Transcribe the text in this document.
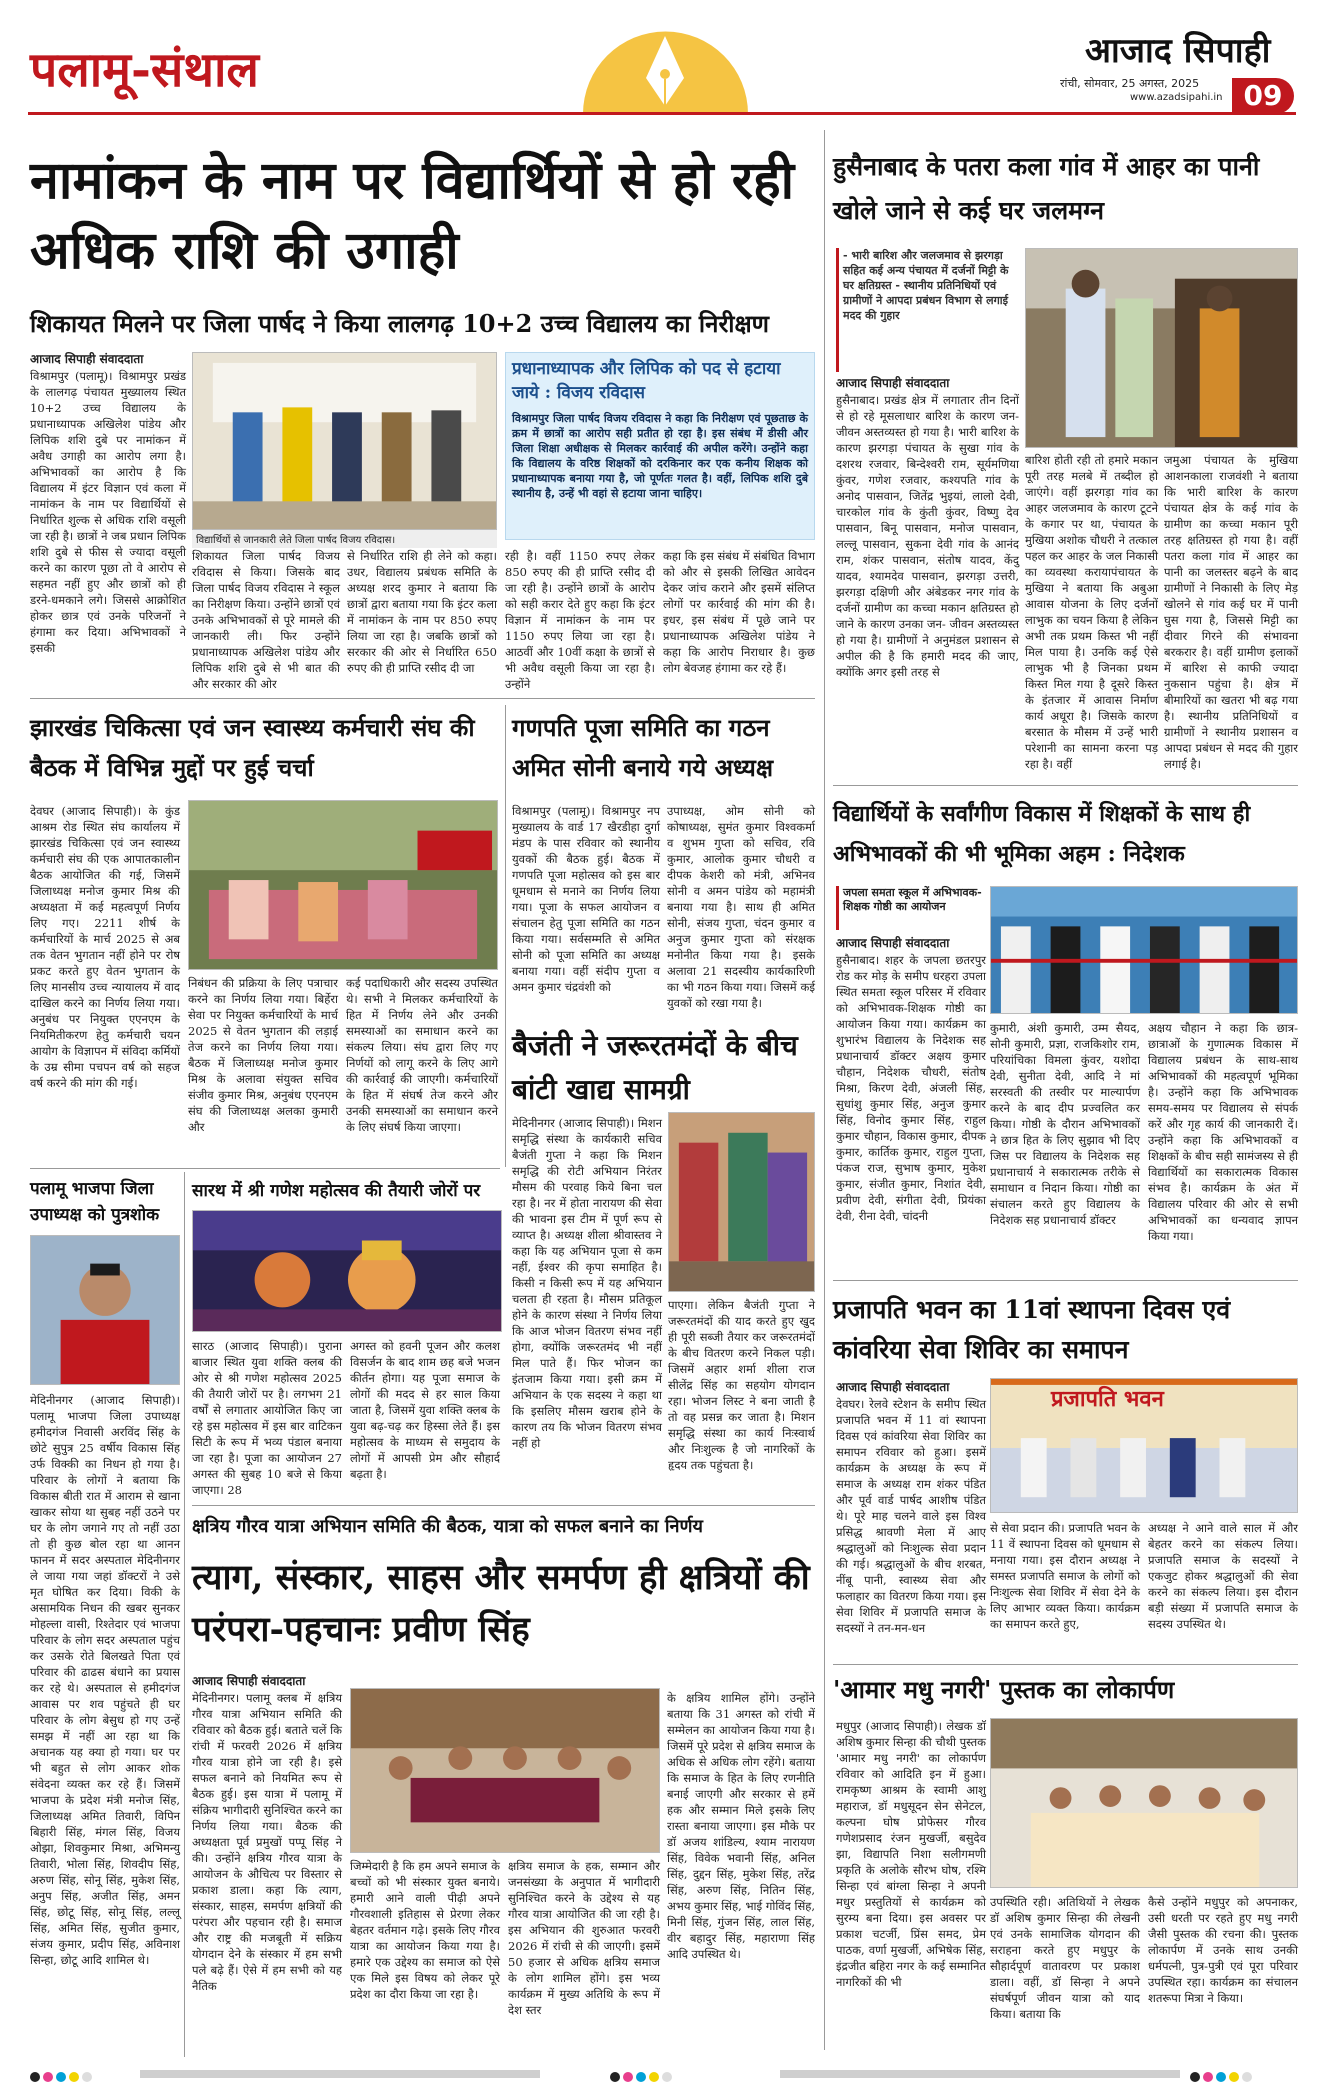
पलामू-संथाल	आजाद सिपाही
रांची, सोमवार, 25 अगस्त, 2025
www.azadsipahi.in 09
नामांकन के नाम पर विद्यार्थियों से हो रही अधिक राशि की उगाही
शिकायत मिलने पर जिला पार्षद ने किया लालगढ़ 10+2 उच्च विद्यालय का निरीक्षण
आजाद सिपाही संवाददाता
विश्रामपुर (पलामू)। विश्रामपुर प्रखंड के लालगढ़ पंचायत मुख्यालय स्थित 10+2 उच्च विद्यालय के प्रधानाध्यापक अखिलेश पांडेय और लिपिक शशि दुबे पर नामांकन में अवैध उगाही का आरोप लगा है। अभिभावकों का आरोप है कि विद्यालय में इंटर विज्ञान एवं कला में नामांकन के नाम पर विद्यार्थियों से निर्धारित शुल्क से अधिक राशि वसूली जा रही है। छात्रों ने जब प्रधान लिपिक शशि दुबे से फीस से ज्यादा वसूली करने का कारण पूछा तो वे आरोप से सहमत नहीं हुए और छात्रों को ही डरने-धमकाने लगे। जिससे आक्रोशित होकर छात्र एवं उनके परिजनों ने हंगामा कर दिया। अभिभावकों ने इसकी
विद्यार्थियों से जानकारी लेते जिला पार्षद विजय रविदास।
शिकायत जिला पार्षद विजय रविदास से किया। जिसके बाद जिला पार्षद विजय रविदास ने स्कूल का निरीक्षण किया। उन्होंने छात्रों एवं उनके अभिभावकों से पूरे मामले की जानकारी ली। फिर उन्होंने प्रधानाध्यापक अखिलेश पांडेय और लिपिक शशि दुबे से भी बात की और सरकार की ओर
से निर्धारित राशि ही लेने को कहा। उधर, विद्यालय प्रबंधक समिति के अध्यक्ष शरद कुमार ने बताया कि छात्रों द्वारा बताया गया कि इंटर कला में नामांकन के नाम पर 850 रुपए लिया जा रहा है। जबकि छात्रों को सरकार की ओर से निर्धारित 650 रुपए की ही प्राप्ति रसीद दी जा
प्रधानाध्यापक और लिपिक को पद से हटाया जाये : विजय रविदास
विश्रामपुर जिला पार्षद विजय रविदास ने कहा कि निरीक्षण एवं पूछताछ के क्रम में छात्रों का आरोप सही प्रतीत हो रहा है। इस संबंध में डीसी और जिला शिक्षा अधीक्षक से मिलकर कार्रवाई की अपील करेंगे। उन्होंने कहा कि विद्यालय के वरिष्ठ शिक्षकों को दरकिनार कर एक कनीय शिक्षक को प्रधानाध्यापक बनाया गया है, जो पूर्णतः गलत है। वहीं, लिपिक शशि दुबे स्थानीय है, उन्हें भी वहां से हटाया जाना चाहिए।
रही है। वहीं 1150 रुपए लेकर 850 रुपए की ही प्राप्ति रसीद दी जा रही है। उन्होंने छात्रों के आरोप को सही करार देते हुए कहा कि इंटर विज्ञान में नामांकन के नाम पर 1150 रुपए लिया जा रहा है। आठवीं और 10वीं कक्षा के छात्रों से भी अवैध वसूली किया जा रहा है। उन्होंने
कहा कि इस संबंध में संबंधित विभाग को और से इसकी लिखित आवेदन देकर जांच कराने और इसमें संलिप्त लोगों पर कार्रवाई की मांग की है। इधर, इस संबंध में पूछे जाने पर प्रधानाध्यापक अखिलेश पांडेय ने कहा कि आरोप निराधार है। कुछ लोग बेवजह हंगामा कर रहे हैं।
हुसैनाबाद के पतरा कला गांव में आहर का पानी खोले जाने से कई घर जलमग्न
- भारी बारिश और जलजमाव से झरगड़ा सहित कई अन्य पंचायत में दर्जनों मिट्टी के घर क्षतिग्रस्त - स्थानीय प्रतिनिधियों एवं ग्रामीणों ने आपदा प्रबंधन विभाग से लगाई मदद की गुहार
आजाद सिपाही संवाददाता
हुसैनाबाद। प्रखंड क्षेत्र में लगातार तीन दिनों से हो रहे मूसलाधार बारिश के कारण जन- जीवन अस्तव्यस्त हो गया है। भारी बारिश के कारण झरगड़ा पंचायत के सुखा गांव के दशरथ रजवार, बिन्देश्वरी राम, सूर्यमणिया कुंवर, गणेश रजवार, कश्यपति गांव के अनोद पासवान, जितेंद्र भुइयां, लालो देवी, चारकोल गांव के कुंती कुंवर, विष्णु देव पासवान, बिनू पासवान, मनोज पासवान, लल्लू पासवान, सुकना देवी गांव के आनंद राम, शंकर पासवान, संतोष यादव, केंदु यादव, श्यामदेव पासवान, झरगड़ा उत्तरी, झरगड़ा दक्षिणी और अंबेडकर नगर गांव के दर्जनों ग्रामीण का कच्चा मकान क्षतिग्रस्त हो जाने के कारण उनका जन- जीवन अस्तव्यस्त हो गया है। ग्रामीणों ने अनुमंडल प्रशासन से अपील की है कि हमारी मदद की जाए, क्योंकि अगर इसी तरह से
बारिश होती रही तो हमारे मकान पूरी तरह मलबे में तब्दील हो जाएंगे। वहीं झरगड़ा गांव का आहर जलजमाव के कारण टूटने के कगार पर था, पंचायत के मुखिया अशोक चौधरी ने तत्काल पहल कर आहर के जल निकासी का व्यवस्था करायापंचायत के मुखिया ने बताया कि अबुआ आवास योजना के लिए दर्जनों लाभुक का चयन किया है लेकिन अभी तक प्रथम किस्त भी नहीं मिल पाया है। उनकि कई ऐसे लाभुक भी है जिनका प्रथम किस्त मिल गया है दूसरे किस्त के इंतजार में आवास निर्माण कार्य अधूरा है। जिसके कारण बरसात के मौसम में उन्हें भारी परेशानी का सामना करना पड़ रहा है। वहीं
जमुआ पंचायत के मुखिया आशनकाला राजवंशी ने बताया कि भारी बारिश के कारण पंचायत क्षेत्र के कई गांव के ग्रामीण का कच्चा मकान पूरी तरह क्षतिग्रस्त हो गया है। वहीं पतरा कला गांव में आहर का पानी का जलस्तर बढ़ने के बाद ग्रामीणों ने निकासी के लिए मेड़ खोलने से गांव कई घर में पानी घुस गया है, जिससे मिट्टी का दीवार गिरने की संभावना बरकरार है। वहीं ग्रामीण इलाकों में बारिश से काफी ज्यादा नुकसान पहुंचा है। क्षेत्र में बीमारियों का खतरा भी बढ़ गया है। स्थानीय प्रतिनिधियों व ग्रामीणों ने स्थानीय प्रशासन व आपदा प्रबंधन से मदद की गुहार लगाई है।
झारखंड चिकित्सा एवं जन स्वास्थ्य कर्मचारी संघ की बैठक में विभिन्न मुद्दों पर हुई चर्चा
देवघर (आजाद सिपाही)। के कुंड आश्रम रोड स्थित संघ कार्यालय में झारखंड चिकित्सा एवं जन स्वास्थ्य कर्मचारी संघ की एक आपातकालीन बैठक आयोजित की गई, जिसमें जिलाध्यक्ष मनोज कुमार मिश्र की अध्यक्षता में कई महत्वपूर्ण निर्णय लिए गए। 2211 शीर्ष के कर्मचारियों के मार्च 2025 से अब तक वेतन भुगतान नहीं होने पर रोष प्रकट करते हुए वेतन भुगतान के लिए मानसीय उच्च न्यायालय में वाद दाखिल करने का निर्णय लिया गया। अनुबंध पर नियुक्त एएनएम के नियमितीकरण हेतु कर्मचारी चयन आयोग के विज्ञापन में संविदा कर्मियों के उम्र सीमा पचपन वर्ष को सहज वर्ष करने की मांग की गई।
निबंधन की प्रक्रिया के लिए पत्राचार करने का निर्णय लिया गया। बिर्हेरा सेवा पर नियुक्त कर्मचारियों के मार्च 2025 से वेतन भुगतान की लड़ाई तेज करने का निर्णय लिया गया। बैठक में जिलाध्यक्ष मनोज कुमार मिश्र के अलावा संयुक्त सचिव संजीव कुमार मिश्र, अनुबंध एएनएम संघ की जिलाध्यक्ष अलका कुमारी और
कई पदाधिकारी और सदस्य उपस्थित थे। सभी ने मिलकर कर्मचारियों के हित में निर्णय लेने और उनकी समस्याओं का समाधान करने का संकल्प लिया। संघ द्वारा लिए गए निर्णयों को लागू करने के लिए आगे की कार्रवाई की जाएगी। कर्मचारियों के हित में संघर्ष तेज करने और उनकी समस्याओं का समाधान करने के लिए संघर्ष किया जाएगा।
गणपति पूजा समिति का गठन अमित सोनी बनाये गये अध्यक्ष
विश्रामपुर (पलामू)। विश्रामपुर नप मुख्यालय के वार्ड 17 खैरडीहा दुर्गा मंडप के पास रविवार को स्थानीय युवकों की बैठक हुई। बैठक में गणपति पूजा महोत्सव को इस बार धूमधाम से मनाने का निर्णय लिया गया। पूजा के सफल आयोजन व संचालन हेतु पूजा समिति का गठन किया गया। सर्वसम्मति से अमित सोनी को पूजा समिति का अध्यक्ष बनाया गया। वहीं संदीप गुप्ता व अमन कुमार चंद्रवंशी को
उपाध्यक्ष, ओम सोनी को कोषाध्यक्ष, सुमंत कुमार विश्वकर्मा व शुभम गुप्ता को सचिव, रवि कुमार, आलोक कुमार चौधरी व दीपक केशरी को मंत्री, अभिनव सोनी व अमन पांडेय को महामंत्री बनाया गया है। साथ ही अमित सोनी, संजय गुप्ता, चंदन कुमार व अनुज कुमार गुप्ता को संरक्षक मनोनीत किया गया है। इसके अलावा 21 सदस्यीय कार्यकारिणी का भी गठन किया गया। जिसमें कई युवकों को रखा गया है।
बैजंती ने जरूरतमंदों के बीच बांटी खाद्य सामग्री
मेदिनीनगर (आजाद सिपाही)। मिशन समृद्धि संस्था के कार्यकारी सचिव बैजंती गुप्ता ने कहा कि मिशन समृद्धि की रोटी अभियान निरंतर मौसम की परवाह किये बिना चल रहा है। नर में होता नारायण की सेवा की भावना इस टीम में पूर्ण रूप से व्याप्त है। अध्यक्ष शीला श्रीवास्तव ने कहा कि यह अभियान पूजा से कम नहीं, ईश्वर की कृपा समाहित है। किसी न किसी रूप में यह अभियान चलता ही रहता है। मौसम प्रतिकूल होने के कारण संस्था ने निर्णय लिया कि आज भोजन वितरण संभव नहीं होगा, क्योंकि जरूरतमंद भी नहीं मिल पाते हैं। फिर भोजन का इंतजाम किया गया। इसी क्रम में अभियान के एक सदस्य ने कहा था कि इसलिए मौसम खराब होने के कारण तय कि भोजन वितरण संभव नहीं हो
पाएगा। लेकिन बैजंती गुप्ता ने जरूरतमंदों की याद करते हुए खुद ही पूरी सब्जी तैयार कर जरूरतमंदों के बीच वितरण करने निकल पड़ी। जिसमें अहार शर्मा शीला राज सीलेंद्र सिंह का सहयोग योगदान रहा। भोजन लिस्ट ने बना जाती है तो वह प्रसन्न कर जाता है। मिशन समृद्धि संस्था का कार्य निःस्वार्थ और निःशुल्क है जो नागरिकों के हृदय तक पहुंचता है।
पलामू भाजपा जिला उपाध्यक्ष को पुत्रशोक
मेदिनीनगर (आजाद सिपाही)। पलामू भाजपा जिला उपाध्यक्ष हमीदगंज निवासी अरविंद सिंह के छोटे सुपुत्र 25 वर्षीय विकास सिंह उर्फ विक्की का निधन हो गया है। परिवार के लोगों ने बताया कि विकास बीती रात में आराम से खाना खाकर सोया था सुबह नहीं उठने पर घर के लोग जगाने गए तो नहीं उठा तो ही कुछ बोल रहा था आनन फानन में सदर अस्पताल मेदिनीनगर ले जाया गया जहां डॉक्टरों ने उसे मृत घोषित कर दिया। विकी के असामयिक निधन की खबर सुनकर मोहल्ला वासी, रिश्तेदार एवं भाजपा परिवार के लोग सदर अस्पताल पहुंच कर उसके रोते बिलखते पिता एवं परिवार की ढाढस बंधाने का प्रयास कर रहे थे। अस्पताल से हमीदगंज आवास पर शव पहुंचते ही घर परिवार के लोग बेसुध हो गए उन्हें समझ में नहीं आ रहा था कि अचानक यह क्या हो गया। घर पर भी बहुत से लोग आकर शोक संवेदना व्यक्त कर रहे हैं। जिसमें भाजपा के प्रदेश मंत्री मनोज सिंह, जिलाध्यक्ष अमित तिवारी, विपिन बिहारी सिंह, मंगल सिंह, विजय ओझा, शिवकुमार मिश्रा, अभिमन्यु तिवारी, भोला सिंह, शिवदीप सिंह, अरुण सिंह, सोनू सिंह, मुकेश सिंह, अनुप सिंह, अजीत सिंह, अमन सिंह, छोटू सिंह, सोनू सिंह, लल्लू सिंह, अमित सिंह, सुजीत कुमार, संजय कुमार, प्रदीप सिंह, अविनाश सिन्हा, छोटू आदि शामिल थे।
सारथ में श्री गणेश महोत्सव की तैयारी जोरों पर
सारठ (आजाद सिपाही)। पुराना बाजार स्थित युवा शक्ति क्लब की ओर से श्री गणेश महोत्सव 2025 की तैयारी जोरों पर है। लगभग 21 वर्षों से लगातार आयोजित किए जा रहे इस महोत्सव में इस बार वाटिकन सिटी के रूप में भव्य पंडाल बनाया जा रहा है। पूजा का आयोजन 27 अगस्त की सुबह 10 बजे से किया जाएगा। 28
अगस्त को हवनी पूजन और कलश विसर्जन के बाद शाम छह बजे भजन कीर्तन होगा। यह पूजा समाज के लोगों की मदद से हर साल किया जाता है, जिसमें युवा शक्ति क्लब के युवा बढ़-चढ़ कर हिस्सा लेते हैं। इस महोत्सव के माध्यम से समुदाय के लोगों में आपसी प्रेम और सौहार्द बढ़ता है।
क्षत्रिय गौरव यात्रा अभियान समिति की बैठक, यात्रा को सफल बनाने का निर्णय
त्याग, संस्कार, साहस और समर्पण ही क्षत्रियों की परंपरा-पहचानः प्रवीण सिंह
आजाद सिपाही संवाददाता
मेदिनीनगर। पलामू क्लब में क्षत्रिय गौरव यात्रा अभियान समिति की रविवार को बैठक हुई। बताते चलें कि रांची में फरवरी 2026 में क्षत्रिय गौरव यात्रा होने जा रही है। इसे सफल बनाने को नियमित रूप से बैठक हुई। इस यात्रा में पलामू में संक्रिय भागीदारी सुनिश्चित करने का निर्णय लिया गया। बैठक की अध्यक्षता पूर्व प्रमुखों पप्पू सिंह ने की। उन्होंने क्षत्रिय गौरव यात्रा के आयोजन के औचित्य पर विस्तार से प्रकाश डाला। कहा कि त्याग, संस्कार, साहस, समर्पण क्षत्रियों की परंपरा और पहचान रही है। समाज और राष्ट्र की मजबूती में सक्रिय योगदान देने के संस्कार में हम सभी पले बढ़े हैं। ऐसे में हम सभी को यह नैतिक
जिम्मेदारी है कि हम अपने समाज के बच्चों को भी संस्कार युक्त बनाये। हमारी आने वाली पीढ़ी अपने गौरवशाली इतिहास से प्रेरणा लेकर बेहतर वर्तमान गढ़े। इसके लिए गौरव यात्रा का आयोजन किया गया है। हमारे एक उद्देश्य का समाज को ऐसे एक मिले इस विषय को लेकर पूरे प्रदेश का दौरा किया जा रहा है।
क्षत्रिय समाज के हक, सम्मान और जनसंख्या के अनुपात में भागीदारी सुनिश्चित करने के उद्देश्य से यह गौरव यात्रा आयोजित की जा रही है। इस अभियान की शुरुआत फरवरी 2026 में रांची से की जाएगी। इसमें 50 हजार से अधिक क्षत्रिय समाज के लोग शामिल होंगे। इस भव्य कार्यक्रम में मुख्य अतिथि के रूप में देश स्तर
के क्षत्रिय शामिल होंगे। उन्होंने बताया कि 31 अगस्त को रांची में सम्मेलन का आयोजन किया गया है। जिसमें पूरे प्रदेश से क्षत्रिय समाज के अधिक से अधिक लोग रहेंगे। बताया कि समाज के हित के लिए रणनीति बनाई जाएगी और सरकार से हमें हक और सम्मान मिले इसके लिए रास्ता बनाया जाएगा। इस मौके पर डॉ अजय शांडिल्य, श्याम नारायण सिंह, विवेक भवानी सिंह, अनिल सिंह, दुद्दन सिंह, मुकेश सिंह, तरेंद्र सिंह, अरुण सिंह, नितिन सिंह, अभय कुमार सिंह, भाई गोविंद सिंह, मिनी सिंह, गुंजन सिंह, लाल सिंह, वीर बहादुर सिंह, महाराणा सिंह आदि उपस्थित थे।
विद्यार्थियों के सर्वांगीण विकास में शिक्षकों के साथ ही अभिभावकों की भी भूमिका अहम : निदेशक
जपला समता स्कूल में अभिभावक-शिक्षक गोष्ठी का आयोजन
आजाद सिपाही संवाददाता
हुसैनाबाद। शहर के जपला छतरपुर रोड कर मोड़ के समीप धरहरा उपला स्थित समता स्कूल परिसर में रविवार को अभिभावक-शिक्षक गोष्ठी का आयोजन किया गया। कार्यक्रम का शुभारंभ विद्यालय के निदेशक सह प्रधानाचार्य डॉक्टर अक्षय कुमार चौहान, निदेशक चौधरी, संतोष मिश्रा, किरण देवी, अंजली सिंह, सुधांशु कुमार सिंह, अनुज कुमार सिंह, विनोद कुमार सिंह, राहुल कुमार चौहान, विकास कुमार, दीपक कुमार, कार्तिक कुमार, राहुल गुप्ता, पंकज राज, सुभाष कुमार, मुकेश कुमार, संजीत कुमार, निशांत देवी, प्रवीण देवी, संगीता देवी, प्रियंका देवी, रीना देवी, चांदनी
कुमारी, अंशी कुमारी, उम्म सैयद, सोनी कुमारी, प्रज्ञा, राजकिशोर राम, परियांचिका विमला कुंवर, यशोदा देवी, सुनीता देवी, आदि ने मां सरस्वती की तस्वीर पर माल्यार्पण करने के बाद दीप प्रज्वलित कर किया। गोष्ठी के दौरान अभिभावकों ने छात्र हित के लिए सुझाव भी दिए जिस पर विद्यालय के निदेशक सह प्रधानाचार्य ने सकारात्मक तरीके से समाधान व निदान किया। गोष्ठी का संचालन करते हुए विद्यालय के निदेशक सह प्रधानाचार्य डॉक्टर
अक्षय चौहान ने कहा कि छात्र-छात्राओं के गुणात्मक विकास में विद्यालय प्रबंधन के साथ-साथ अभिभावकों की महत्वपूर्ण भूमिका है। उन्होंने कहा कि अभिभावक समय-समय पर विद्यालय से संपर्क करें और गृह कार्य की जानकारी दें। उन्होंने कहा कि अभिभावकों व शिक्षकों के बीच सही सामंजस्य से ही विद्यार्थियों का सकारात्मक विकास संभव है। कार्यक्रम के अंत में विद्यालय परिवार की ओर से सभी अभिभावकों का धन्यवाद ज्ञापन किया गया।
प्रजापति भवन का 11वां स्थापना दिवस एवं कांवरिया सेवा शिविर का समापन
आजाद सिपाही संवाददाता
देवघर। रेलवे स्टेशन के समीप स्थित प्रजापति भवन में 11 वां स्थापना दिवस एवं कांवरिया सेवा शिविर का समापन रविवार को हुआ। इसमें कार्यक्रम के अध्यक्ष के रूप में समाज के अध्यक्ष राम शंकर पंडित और पूर्व वार्ड पार्षद आशीष पंडित थे। पूरे माह चलने वाले इस विश्व प्रसिद्ध श्रावणी मेला में आए श्रद्धालुओं को निःशुल्क सेवा प्रदान की गई। श्रद्धालुओं के बीच शरबत, नींबू पानी, स्वास्थ्य सेवा और फलाहार का वितरण किया गया। इस सेवा शिविर में प्रजापति समाज के सदस्यों ने तन-मन-धन
प्रजापति भवन
से सेवा प्रदान की। प्रजापति भवन के 11 वें स्थापना दिवस को धूमधाम से मनाया गया। इस दौरान अध्यक्ष ने समस्त प्रजापति समाज के लोगों को निःशुल्क सेवा शिविर में सेवा देने के लिए आभार व्यक्त किया। कार्यक्रम का समापन करते हुए,
अध्यक्ष ने आने वाले साल में और बेहतर करने का संकल्प लिया। प्रजापति समाज के सदस्यों ने एकजुट होकर श्रद्धालुओं की सेवा करने का संकल्प लिया। इस दौरान बड़ी संख्या में प्रजापति समाज के सदस्य उपस्थित थे।
'आमार मधु नगरी' पुस्तक का लोकार्पण
मधुपुर (आजाद सिपाही)। लेखक डॉ अशिष कुमार सिन्हा की चौथी पुस्तक 'आमार मधु नगरी' का लोकार्पण रविवार को आदिति इन में हुआ। रामकृष्ण आश्रम के स्वामी आशु महाराज, डॉ मधुसूदन सेन सेनेटल, कल्पना घोष प्रोफेसर गौरव गणेशप्रसाद रंजन मुखर्जी, बसुदेव झा, विद्यापति निशा सलीगमणी प्रकृति के अलोके सौरभ घोष, रश्मि सिन्हा एवं बांग्ला सिन्हा ने अपनी मधुर प्रस्तुतियों से कार्यक्रम को सुरम्य बना दिया। इस अवसर पर प्रकाश चटर्जी, प्रिंस समद, प्रेम पाठक, वर्णा मुखर्जी, अभिषेक सिंह, इंद्रजीत बहिरा नगर के कई सम्मानित नागरिकों की भी
उपस्थिति रही। अतिथियों ने लेखक डॉ अशिष कुमार सिन्हा की लेखनी एवं उनके सामाजिक योगदान की सराहना करते हुए मधुपुर के सौहार्दपूर्ण वातावरण पर प्रकाश डाला। वहीं, डॉ सिन्हा ने अपने संघर्षपूर्ण जीवन यात्रा को याद किया। बताया कि
कैसे उन्होंने मधुपुर को अपनाकर, उसी धरती पर रहते हुए मधु नगरी जैसी पुस्तक की रचना की। पुस्तक लोकार्पण में उनके साथ उनकी धर्मपत्नी, पुत्र-पुत्री एवं पूरा परिवार उपस्थित रहा। कार्यक्रम का संचालन शतरूपा मित्रा ने किया।
